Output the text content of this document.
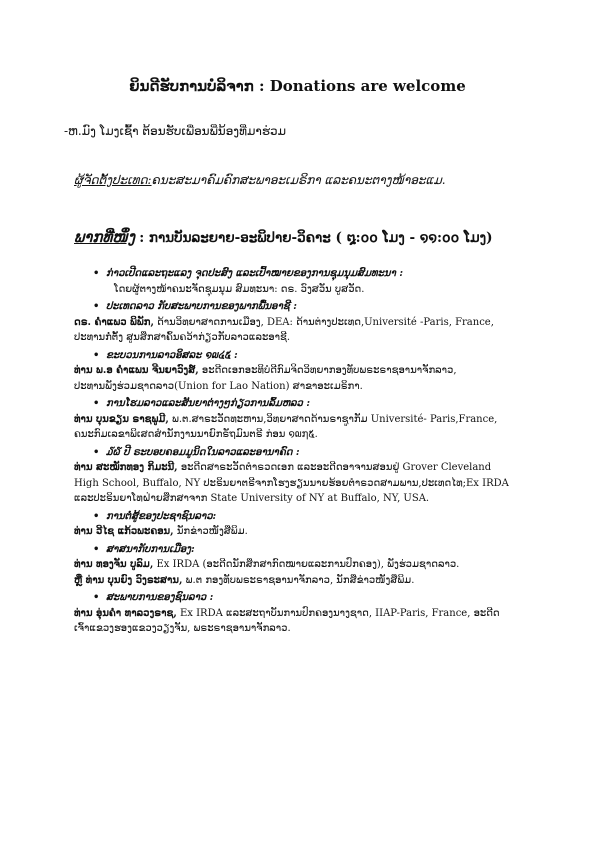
ຍິນດີຮັບການບໍລິຈາກ : Donations are welcome
-ຫ.ມົງ ໂມງເຊົ້າ ຕ້ອນຮັບເພື່ອນພີ່ນ້ອງທີ່ມາຮ່ວມ
ຜູ້ຈັດຕັ້ງປະເທດ:ຄນະສະມາຄົມຄົກສະພາອະເມຣິກາ ແລະຄນະຕາງໜ້າອະແມ.
ພາກທີ່ໜຶ່ງ : ການບັນລະຍາຍ-ອະພິປາຍ-ວິຄາະ ( ໘:໐໐ ໂມງ - ໑໑:໐໐ ໂມງ)
• ກ່າວເປີດແລະຖະແລງ ຈຸດປະສົງ ແລະເປົ້າໝາຍຂອງການຊຸມນຸມສົມທະນາ :

ໂດຍຜູ້ຕາງໜ້າຄນະຈັດຊຸມນຸມ ສົມທະນາ: ດຣ. ວົງສວັນ ບູສວັດ.

• ປະເທດລາວ ກັບສະພາບການຂອງພາກພື້ນອາຊີ :

ດຣ. ຄຳແພວ ພິພັກ, ດ້ານວິທຍາສາດການເມືອງ, DEA: ດ້ານຕ່າງປະເທດ,Université -Paris, France,

ປະທານກໍ່ຕັ້ງ ສູນສຶກສາຄົ້ນຄວ້າກ່ຽວກັບລາວແລະອາຊີ.

• ຂະບວນການລາວອິສລະ ໑໙໔໕ :

ທ່ານ ພ.ອ ຄຳແພນ ຈີນຍາວົງສ໌, ອະດີດເອກອະທິບໍດີກົມຈິດວິທຍາກອງທັບພຣະຣາຊອານາຈັກລາວ,

ປະທານພັງຮ່ວມຊາດລາວ(Union for Lao Nation) ສາຂາອະເມຣິກາ.

• ການໂຮມລາວແລະສັນຍາຕ່າງໆກ່ຽວການລົ້ມຫລວ :

ທ່ານ ບຸນຂຽນ ຣາຊພູມີ, ພ.ຕ.ສາຣະວັດທະຫານ,ວິທຍາສາດດ້ານຣາຊູາກັມ Université- Paris,France,

ຄນະກົມເລຂາພິເສດສຳນັກງານນາຍົກຣັຖມົນຕຣີ ກ່ອນ ໑໙໗໕.

• ໓໖ ປີ ຣະບອບຄອມມູນິດໃນລາວແລະອານາຄົດ :

ທ່ານ ສະໝັກທອງ ກິມະນີ, ອະດີດສາຣະວັດຕຳຣວດເອກ ແລະອະດີດອາຈານສອນຢູ່ Grover Cleveland

High School, Buffalo, NY ປະຣິນຍາຕຣີຈາກໂຮງຮຽນນາຍຮ້ອຍຕຳຣວດສາມພານ,ປະເທດໄທ;Ex IRDA

ແລະປະຣິນຍາໂທຝ່າຍສຶກສາຈາກ State University of NY at Buffalo, NY, USA.

• ການຕໍ່ສູ້ຂອງປະຊາຊົນລາວ:

ທ່ານ ວີໄຊ ແກ້ວພະຄອນ, ນັກຂ່າວໜັງສືພິມ.

• ສາສນາກັບການເມືອງ:

ທ່ານ ທອງຈັນ ບູລົມ, Ex IRDA (ອະດີດນັກສຶກສາກົດໝາຍແລະການປົກຄອງ), ພັງຮ່ວມຊາດລາວ.

ຫຼື ທ່ານ ບຸນຍົງ ວົງຣະສານ, ພ.ຕ ກອງທັບພຣະຣາຊອານາຈັກລາວ, ນັກສືຂ່າວໜັງສືພິມ.

• ສະພາບການຂອງຊົນລາວ :

ທ່ານ ອຸ່ນຄຳ ທາລວງຣາຊ, Ex IRDA ແລະສະຖາບັນການປົກຄອງນາງຊາດ, IIAP-Paris, France, ອະດີດ

ເຈົ້າແຂວງຮອງແຂວງວຽງຈັນ, ພຣະຣາຊອານາຈັກລາວ.
